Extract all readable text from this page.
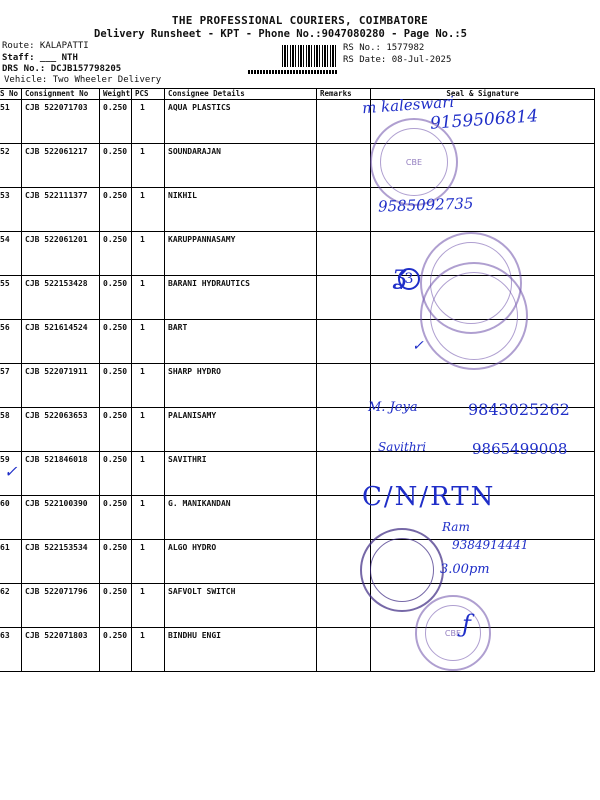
THE PROFESSIONAL COURIERS, COIMBATORE
Delivery Runsheet - KPT - Phone No.:9047080280 - Page No.:5
Route: KALAPATTI
Staff: ___ NTH
DRS No.: DCJB157798205
Vehicle: Two Wheeler Delivery
RS No.: 1577982
RS Date: 08-Jul-2025
S No	Consignment No	Weight	PCS	Consignee Details	Remarks	Seal & Signature
51	CJB 522071703	0.250	1	AQUA PLASTICS		
52	CJB 522061217	0.250	1	SOUNDARAJAN		
53	CJB 522111377	0.250	1	NIKHIL		
54	CJB 522061201	0.250	1	KARUPPANNASAMY		
55	CJB 522153428	0.250	1	BARANI HYDRAUTICS		
56	CJB 521614524	0.250	1	BART		
57	CJB 522071911	0.250	1	SHARP HYDRO		
58	CJB 522063653	0.250	1	PALANISAMY		
59	CJB 521846018	0.250	1	SAVITHRI		
60	CJB 522100390	0.250	1	G. MANIKANDAN		
61	CJB 522153534	0.250	1	ALGO HYDRO		
62	CJB 522071796	0.250	1	SAFVOLT SWITCH		
63	CJB 522071803	0.250	1	BINDHU ENGI		
m kaleswari
9159506814
CBE
9585092735
ʓ
3
M. Jeya	9843025262
Savithri	9865499008
C/N/RTN
Ram
9384914441
3.00pm
CBE ƒ
✓
✓
